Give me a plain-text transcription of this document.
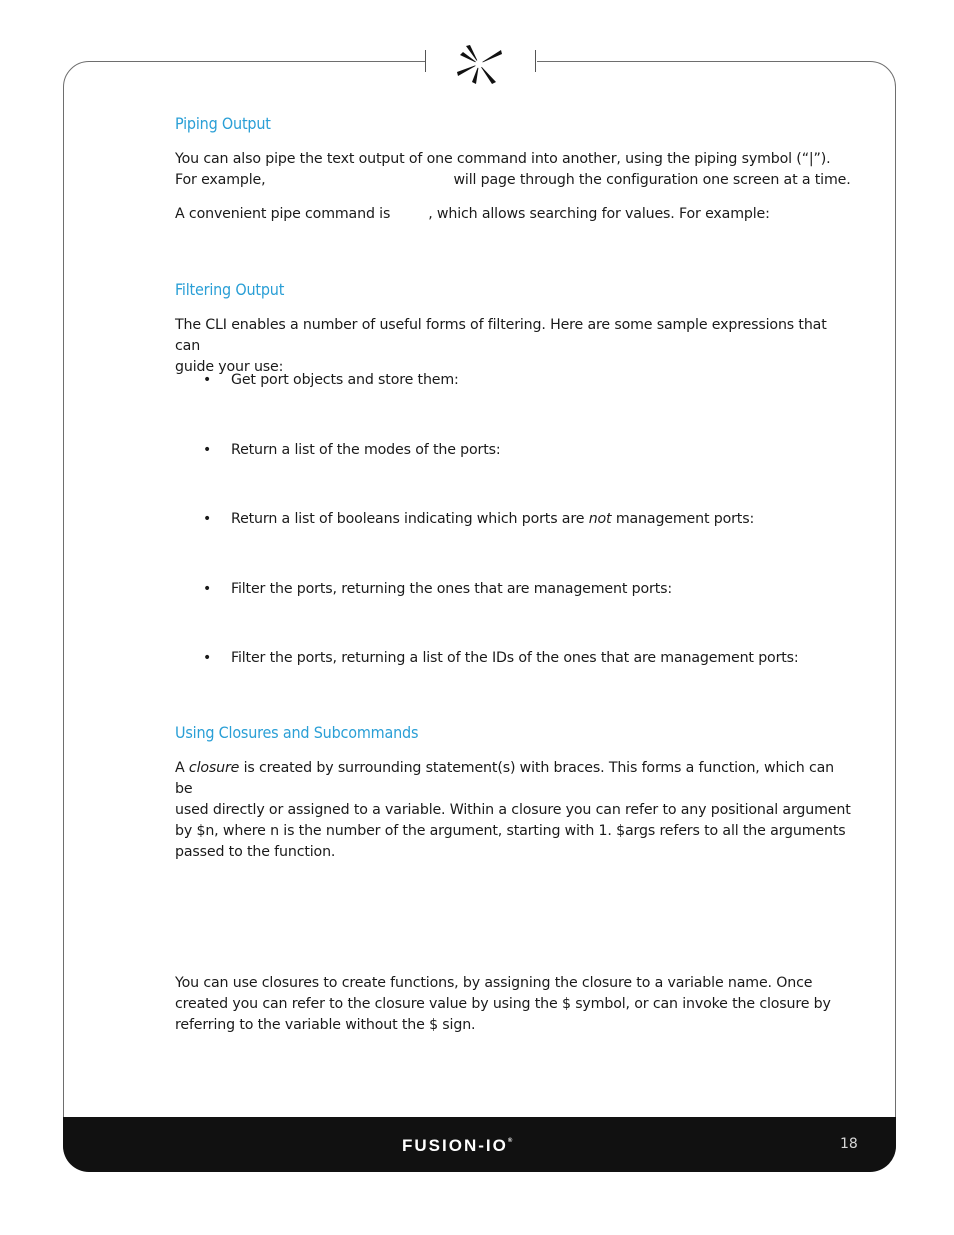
Piping Output

You can also pipe the text output of one command into another, using the piping symbol (“|”).
For example,	will page through the configuration one screen at a time.

A convenient pipe command is	, which allows searching for values. For example:

Filtering Output

The CLI enables a number of useful forms of filtering. Here are some sample expressions that can
guide your use:

• Get port objects and store them:
• Return a list of the modes of the ports:
• Return a list of booleans indicating which ports are not management ports:
• Filter the ports, returning the ones that are management ports:
• Filter the ports, returning a list of the IDs of the ones that are management ports:
Using Closures and Subcommands

A closure is created by surrounding statement(s) with braces. This forms a function, which can be
used directly or assigned to a variable. Within a closure you can refer to any positional argument
by $n, where n is the number of the argument, starting with 1. $args refers to all the arguments
passed to the function.

You can use closures to create functions, by assigning the closure to a variable name. Once
created you can refer to the closure value by using the $ symbol, or can invoke the closure by
referring to the variable without the $ sign.

FUSION-IO®	18
